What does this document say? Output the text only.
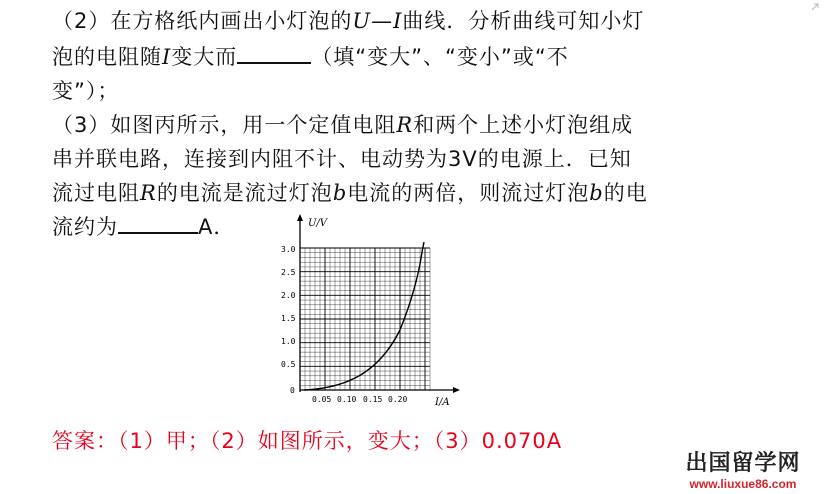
（2）在方格纸内画出小灯泡的U—I曲线．分析曲线可知小灯
泡的电阻随I变大而	（填“变大”、“变小”或“不
变”）；
（3）如图丙所示，用一个定值电阻R和两个上述小灯泡组成
串并联电路，连接到内阻不计、电动势为3V的电源上．已知
流过电阻R的电流是流过灯泡b电流的两倍，则流过灯泡b的电
流约为	A．	U/V
I/A
3.0
2.5
2.0
1.5
1.0
0.5
0
0.05 0.10 0.15 0.20
答案：（1）甲；（2）如图所示，变大；（3）0.070A
出国留学网
www.liuxue86.com
